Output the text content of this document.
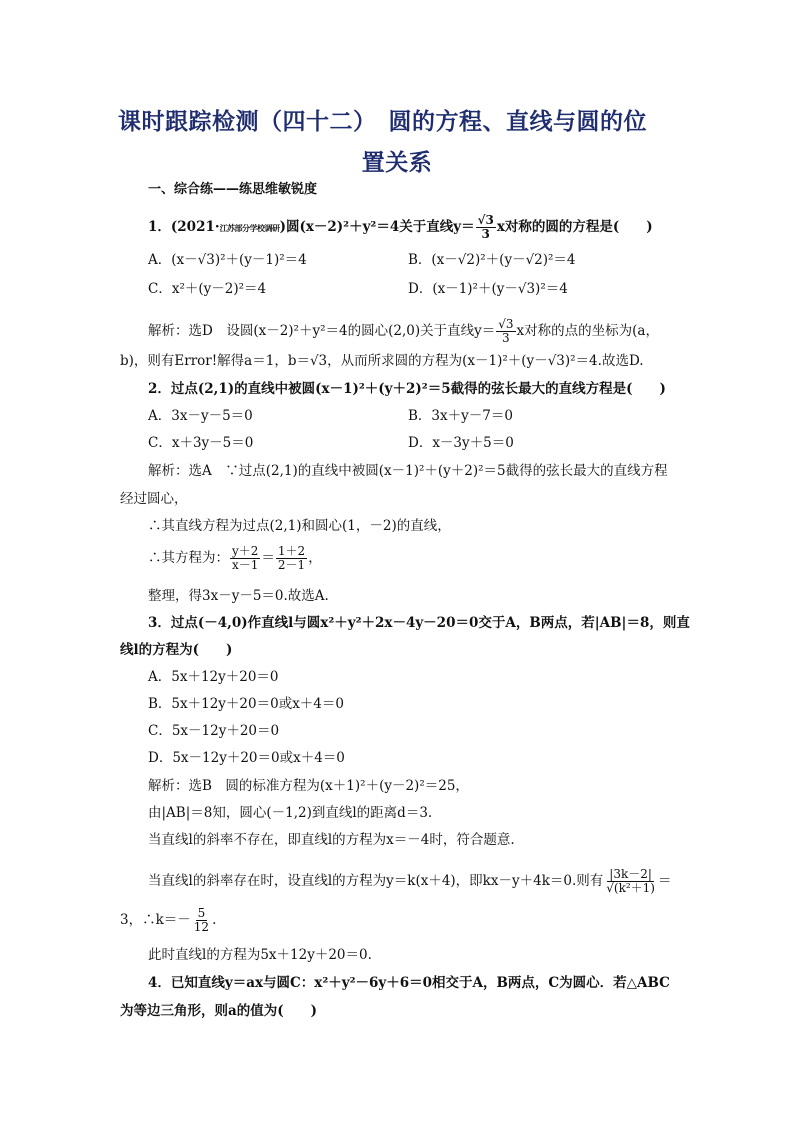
课时跟踪检测（四十二）　圆的方程、直线与圆的位
置关系
一、综合练——练思维敏锐度
1．(2021·江苏部分学校调研)圆(x－2)²＋y²＝4关于直线$y= \frac{√3}{3}$ x对称的圆的方程是(　　)
A．(x－√3)²＋(y－1)²＝4	B．(x－√2)²＋(y－√2)²＝4
C．x²＋(y－2)²＝4	D．(x－1)²＋(y－√3)²＝4
解析：选D　设圆(x－2)²＋y²＝4的圆心(2,0)关于直线$y= \frac{√3}{3}$ x对称的点的坐标为(a，
b)，则有Error!解得a＝1，b＝√3，从而所求圆的方程为(x－1)²＋(y－√3)²＝4.故选D.
2．过点(2,1)的直线中被圆(x－1)²＋(y＋2)²＝5截得的弦长最大的直线方程是(　　)
A．3x－y－5＝0	B．3x＋y－7＝0
C．x＋3y－5＝0	D．x－3y＋5＝0
解析：选A　∵过点(2,1)的直线中被圆(x－1)²＋(y＋2)²＝5截得的弦长最大的直线方程
经过圆心，
∴其直线方程为过点(2,1)和圆心(1，－2)的直线，
∴其方程为： $\frac{y+2}{x-1} = \frac{1+2}{2-1}$ ，
整理，得3x－y－5＝0.故选A.
3．过点(－4,0)作直线l与圆x²＋y²＋2x－4y－20＝0交于A，B两点，若|AB|＝8，则直
线l的方程为(　　)
A．5x＋12y＋20＝0
B．5x＋12y＋20＝0或x＋4＝0
C．5x－12y＋20＝0
D．5x－12y＋20＝0或x＋4＝0
解析：选B　圆的标准方程为(x＋1)²＋(y－2)²＝25，
由|AB|＝8知，圆心(－1,2)到直线l的距离d＝3.
当直线l的斜率不存在，即直线l的方程为x＝－4时，符合题意.
当直线l的斜率存在时，设直线l的方程为y＝k(x＋4)，即kx－y＋4k＝0.则有 $\frac{|3k-2|}{\text{√(k²＋1)}}$ ＝
3，∴k＝－ $\frac{5}{12}$ .
此时直线l的方程为5x＋12y＋20＝0.
4．已知直线y＝ax与圆C：x²＋y²－6y＋6＝0相交于A，B两点，C为圆心．若△ABC
为等边三角形，则a的值为(　　)
